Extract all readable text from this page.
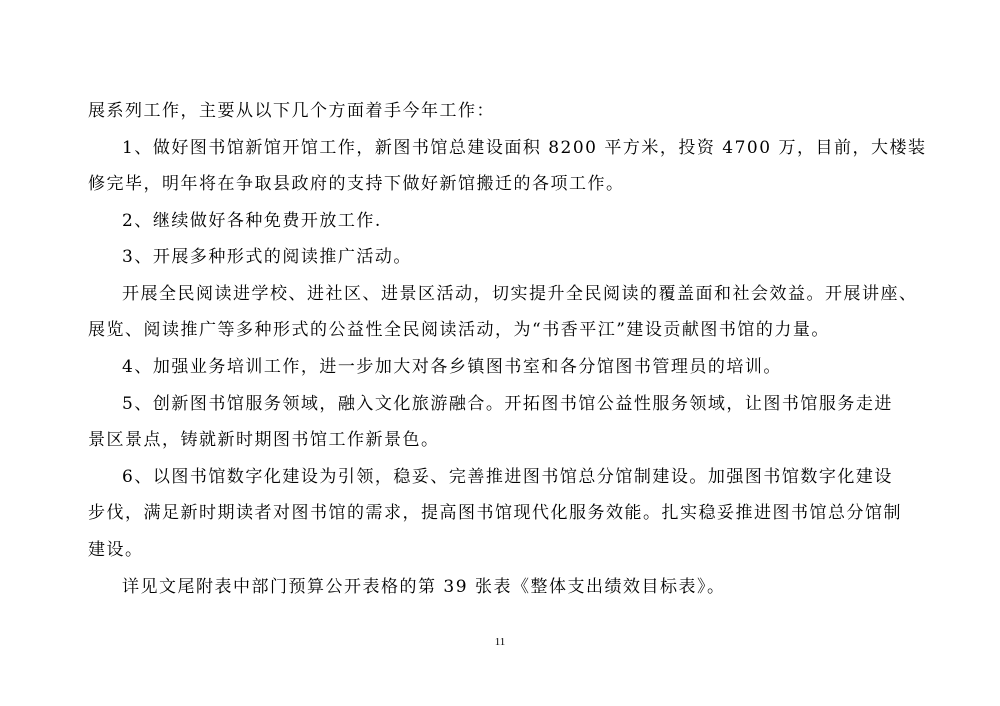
展系列工作，主要从以下几个方面着手今年工作：
1、做好图书馆新馆开馆工作，新图书馆总建设面积 8200 平方米，投资 4700 万，目前，大楼装
修完毕，明年将在争取县政府的支持下做好新馆搬迁的各项工作。
2、继续做好各种免费开放工作.
3、开展多种形式的阅读推广活动。
开展全民阅读进学校、进社区、进景区活动，切实提升全民阅读的覆盖面和社会效益。开展讲座、
展览、阅读推广等多种形式的公益性全民阅读活动，为“书香平江”建设贡献图书馆的力量。
4、加强业务培训工作，进一步加大对各乡镇图书室和各分馆图书管理员的培训。
5、创新图书馆服务领域，融入文化旅游融合。开拓图书馆公益性服务领域，让图书馆服务走进
景区景点，铸就新时期图书馆工作新景色。
6、以图书馆数字化建设为引领，稳妥、完善推进图书馆总分馆制建设。加强图书馆数字化建设
步伐，满足新时期读者对图书馆的需求，提高图书馆现代化服务效能。扎实稳妥推进图书馆总分馆制
建设。
详见文尾附表中部门预算公开表格的第 39 张表《整体支出绩效目标表》。
11
